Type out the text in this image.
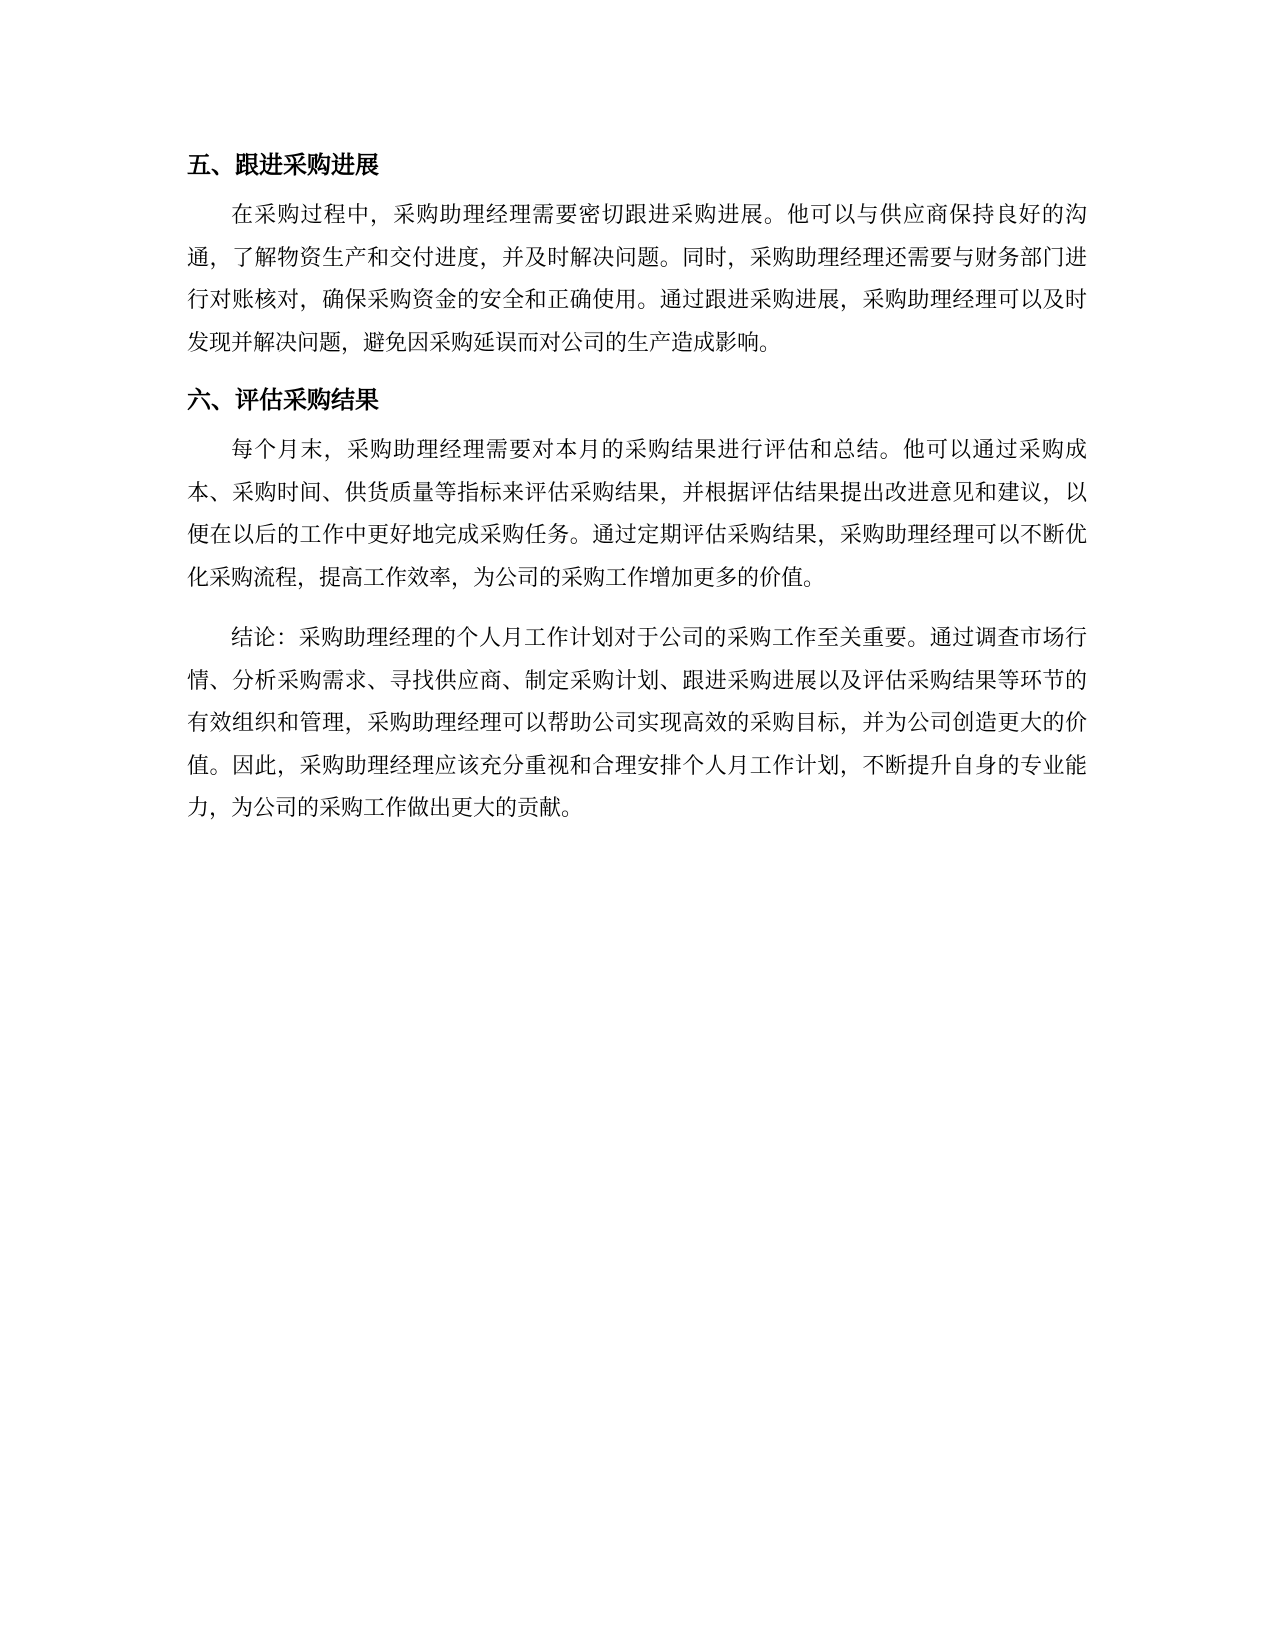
五、跟进采购进展

在采购过程中，采购助理经理需要密切跟进采购进展。他可以与供应商保持良好的沟通，了解物资生产和交付进度，并及时解决问题。同时，采购助理经理还需要与财务部门进行对账核对，确保采购资金的安全和正确使用。通过跟进采购进展，采购助理经理可以及时发现并解决问题，避免因采购延误而对公司的生产造成影响。

六、评估采购结果

每个月末，采购助理经理需要对本月的采购结果进行评估和总结。他可以通过采购成本、采购时间、供货质量等指标来评估采购结果，并根据评估结果提出改进意见和建议，以便在以后的工作中更好地完成采购任务。通过定期评估采购结果，采购助理经理可以不断优化采购流程，提高工作效率，为公司的采购工作增加更多的价值。

结论：采购助理经理的个人月工作计划对于公司的采购工作至关重要。通过调查市场行情、分析采购需求、寻找供应商、制定采购计划、跟进采购进展以及评估采购结果等环节的有效组织和管理，采购助理经理可以帮助公司实现高效的采购目标，并为公司创造更大的价值。因此，采购助理经理应该充分重视和合理安排个人月工作计划，不断提升自身的专业能力，为公司的采购工作做出更大的贡献。
